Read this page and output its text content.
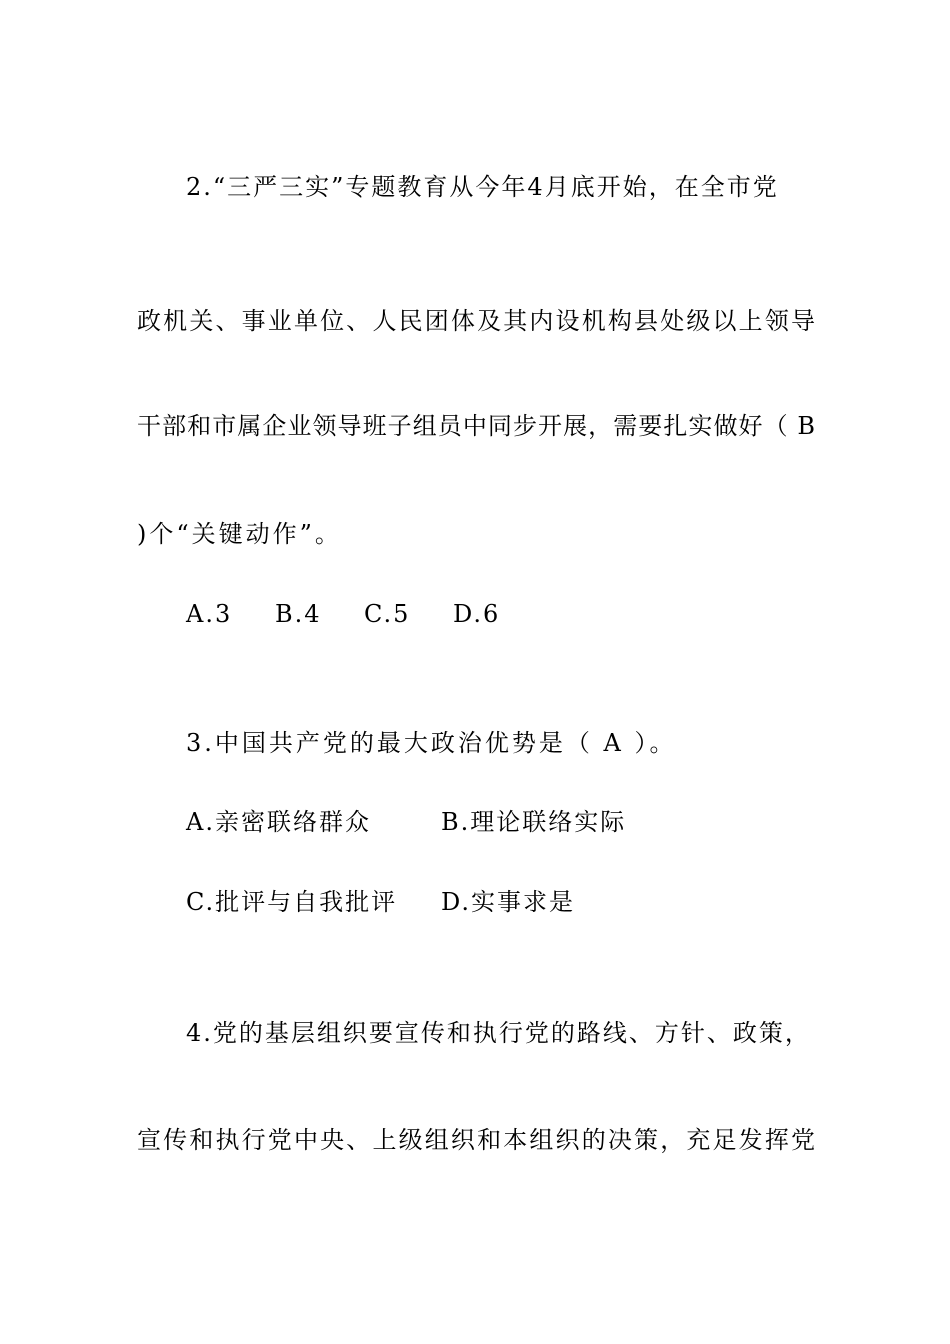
2.“三严三实”专题教育从今年4月底开始，在全市党
政机关、事业单位、人民团体及其内设机构县处级以上领导
干部和市属企业领导班子组员中同步开展，需要扎实做好（ B
)个“关键动作”。
A.3 B.4 C.5 D.6
3.中国共产党的最大政治优势是（ A ）。
A.亲密联络群众	B.理论联络实际
C.批评与自我批评 D.实事求是
4.党的基层组织要宣传和执行党的路线、方针、政策，
宣传和执行党中央、上级组织和本组织的决策，充足发挥党
